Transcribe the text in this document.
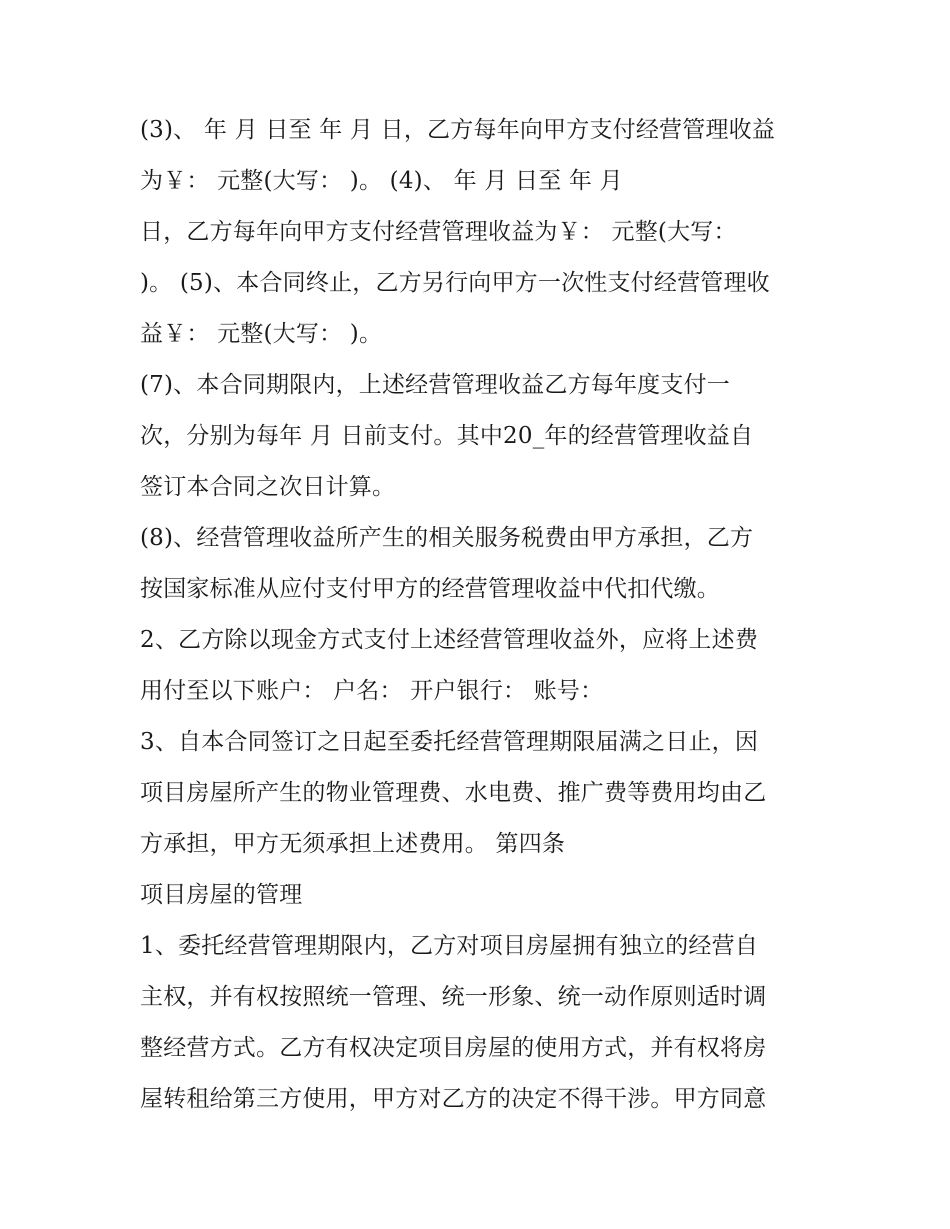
(3)、 年 月 日至 年 月 日，乙方每年向甲方支付经营管理收益
为￥： 元整(大写： )。 (4)、 年 月 日至 年 月
日，乙方每年向甲方支付经营管理收益为￥： 元整(大写：
)。 (5)、本合同终止，乙方另行向甲方一次性支付经营管理收
益￥： 元整(大写： )。
(7)、本合同期限内，上述经营管理收益乙方每年度支付一
次，分别为每年 月 日前支付。其中20_年的经营管理收益自
签订本合同之次日计算。
(8)、经营管理收益所产生的相关服务税费由甲方承担，乙方
按国家标准从应付支付甲方的经营管理收益中代扣代缴。
2、乙方除以现金方式支付上述经营管理收益外，应将上述费
用付至以下账户： 户名： 开户银行： 账号：
3、自本合同签订之日起至委托经营管理期限届满之日止，因
项目房屋所产生的物业管理费、水电费、推广费等费用均由乙
方承担，甲方无须承担上述费用。 第四条
项目房屋的管理
1、委托经营管理期限内，乙方对项目房屋拥有独立的经营自
主权，并有权按照统一管理、统一形象、统一动作原则适时调
整经营方式。乙方有权决定项目房屋的使用方式，并有权将房
屋转租给第三方使用，甲方对乙方的决定不得干涉。甲方同意
